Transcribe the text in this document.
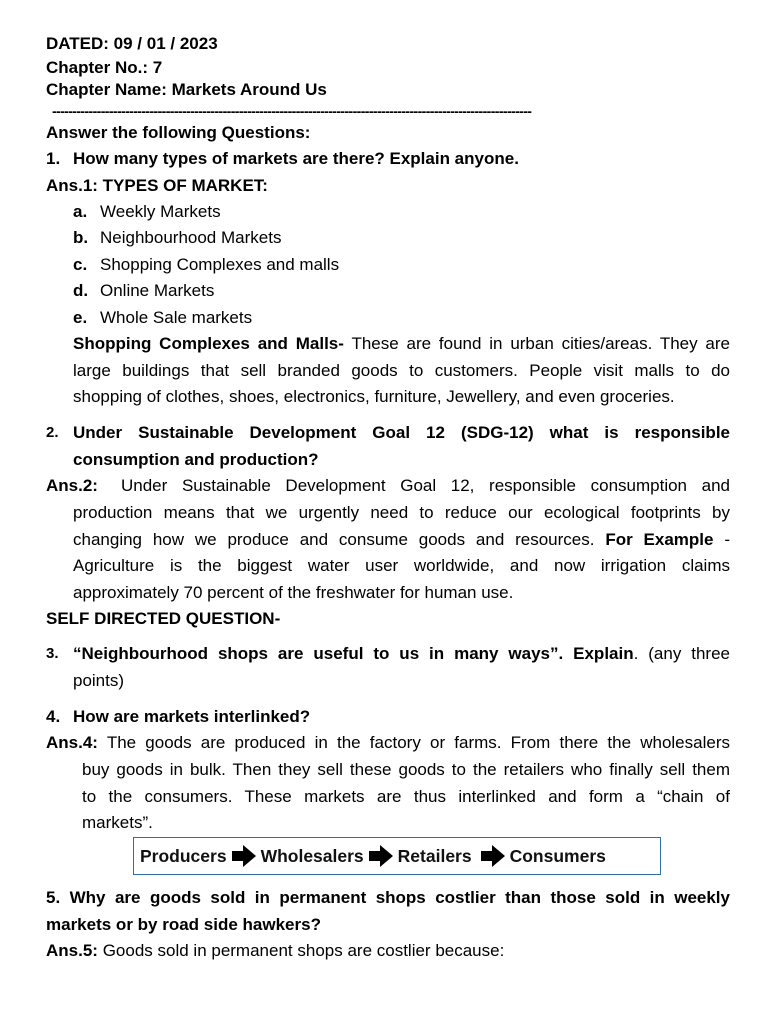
DATED: 09 / 01 / 2023
Chapter No.: 7
Chapter Name: Markets Around Us
----------------------------------------------------------------------------------------------------------------------
Answer the following Questions:
1. How many types of markets are there? Explain anyone.
Ans.1: TYPES OF MARKET:
a. Weekly Markets
b. Neighbourhood Markets
c. Shopping Complexes and malls
d. Online Markets
e. Whole Sale markets
Shopping Complexes and Malls- These are found in urban cities/areas. They are
large buildings that sell branded goods to customers. People visit malls to do
shopping of clothes, shoes, electronics, furniture, Jewellery, and even groceries.
2. Under Sustainable Development Goal 12 (SDG-12) what is responsible
consumption and production?
Ans.2:	Under Sustainable Development Goal 12, responsible consumption and
production means that we urgently need to reduce our ecological footprints by
changing how we produce and consume goods and resources. For Example -
Agriculture is the biggest water user worldwide, and now irrigation claims
approximately 70 percent of the freshwater for human use.
SELF DIRECTED QUESTION-
3. “Neighbourhood shops are useful to us in many ways”. Explain. (any three
points)
4. How are markets interlinked?
Ans.4: The goods are produced in the factory or farms. From there the wholesalers
buy goods in bulk. Then they sell these goods to the retailers who finally sell them
to the consumers. These markets are thus interlinked and form a “chain of
markets”.
Producers Wholesalers Retailers Consumers
5. Why are goods sold in permanent shops costlier than those sold in weekly
markets or by road side hawkers?
Ans.5: Goods sold in permanent shops are costlier because:
